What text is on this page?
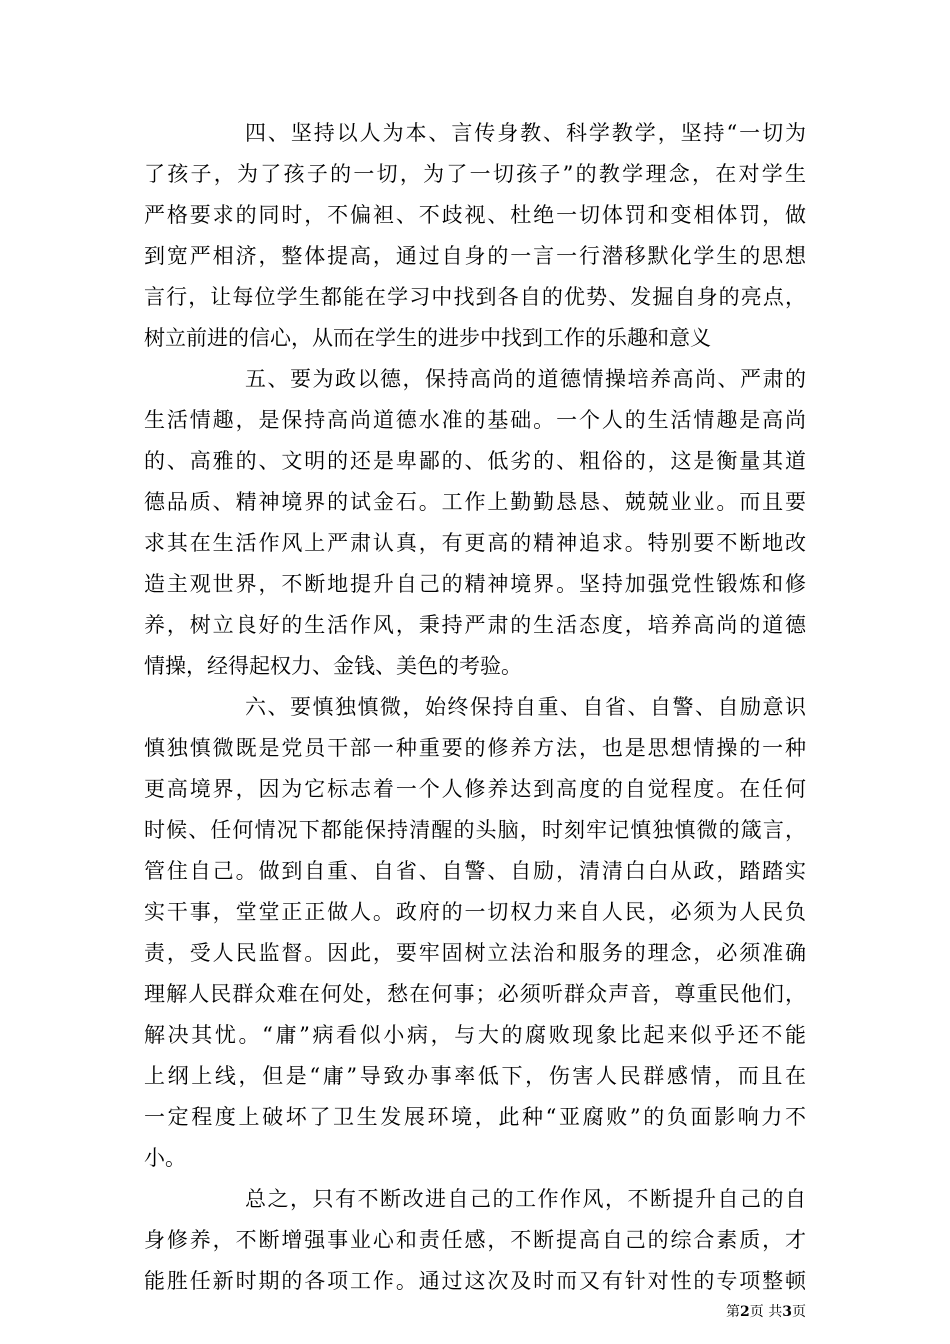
四、坚持以人为本、言传身教、科学教学，坚持“一切为
了孩子，为了孩子的一切，为了一切孩子”的教学理念，在对学生
严格要求的同时，不偏袒、不歧视、杜绝一切体罚和变相体罚，做
到宽严相济，整体提高，通过自身的一言一行潜移默化学生的思想
言行，让每位学生都能在学习中找到各自的优势、发掘自身的亮点，
树立前进的信心，从而在学生的进步中找到工作的乐趣和意义
五、要为政以德，保持高尚的道德情操培养高尚、严肃的
生活情趣，是保持高尚道德水准的基础。一个人的生活情趣是高尚
的、高雅的、文明的还是卑鄙的、低劣的、粗俗的，这是衡量其道
德品质、精神境界的试金石。工作上勤勤恳恳、兢兢业业。而且要
求其在生活作风上严肃认真，有更高的精神追求。特别要不断地改
造主观世界，不断地提升自己的精神境界。坚持加强党性锻炼和修
养，树立良好的生活作风，秉持严肃的生活态度，培养高尚的道德
情操，经得起权力、金钱、美色的考验。
六、要慎独慎微，始终保持自重、自省、自警、自励意识
慎独慎微既是党员干部一种重要的修养方法，也是思想情操的一种
更高境界，因为它标志着一个人修养达到高度的自觉程度。在任何
时候、任何情况下都能保持清醒的头脑，时刻牢记慎独慎微的箴言，
管住自己。做到自重、自省、自警、自励，清清白白从政，踏踏实
实干事，堂堂正正做人。政府的一切权力来自人民，必须为人民负
责，受人民监督。因此，要牢固树立法治和服务的理念，必须准确
理解人民群众难在何处，愁在何事；必须听群众声音，尊重民他们，
解决其忧。“庸”病看似小病，与大的腐败现象比起来似乎还不能
上纲上线，但是“庸”导致办事率低下，伤害人民群感情，而且在
一定程度上破坏了卫生发展环境，此种“亚腐败”的负面影响力不
小。
总之，只有不断改进自己的工作作风，不断提升自己的自
身修养，不断增强事业心和责任感，不断提高自己的综合素质，才
能胜任新时期的各项工作。通过这次及时而又有针对性的专项整顿
第2页 共3页
